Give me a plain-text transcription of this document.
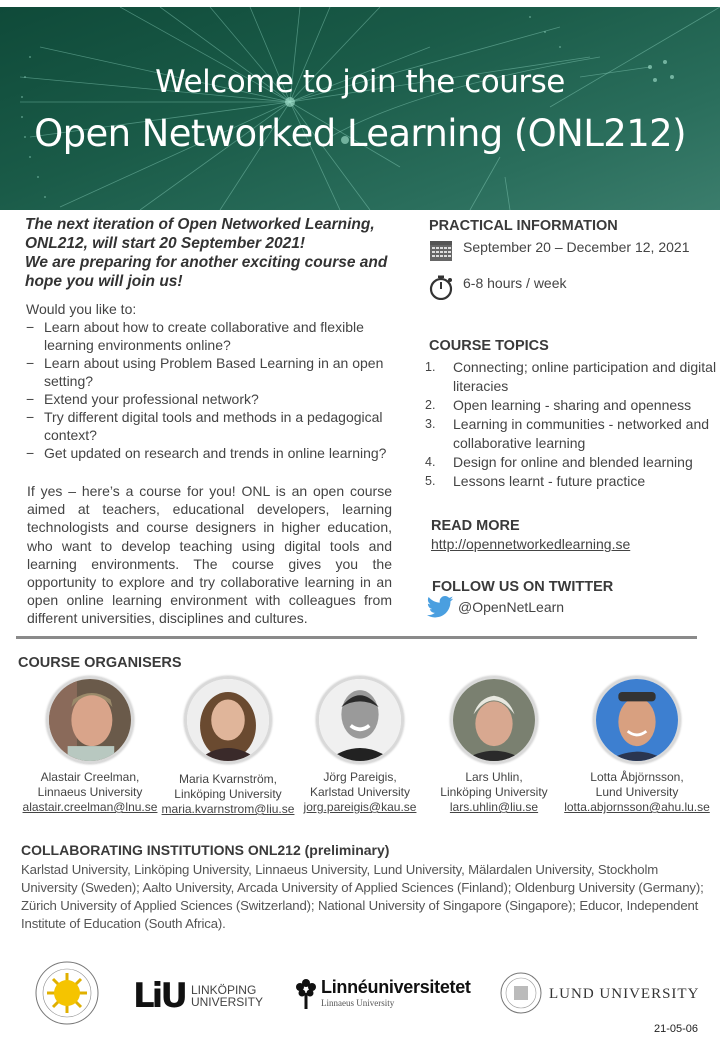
Welcome to join the course
Open Networked Learning (ONL212)
The next iteration of Open Networked Learning, ONL212, will start 20 September 2021!
We are preparing for another exciting course and hope you will join us!
Would you like to:
− Learn about how to create collaborative and flexible learning environments online?
− Learn about using Problem Based Learning in an open setting?
− Extend your professional network?
− Try different digital tools and methods in a pedagogical context?
− Get updated on research and trends in online learning?
If yes – here’s a course for you! ONL is an open course aimed at teachers, educational developers, learning technologists and course designers in higher education, who want to develop teaching using digital tools and learning environments. The course gives you the opportunity to explore and try collaborative learning in an open online learning environment with colleagues from different universities, disciplines and cultures.
PRACTICAL INFORMATION
September 20 – December 12, 2021
6-8 hours / week
COURSE TOPICS
1.	Connecting; online participation and digital literacies
2.	Open learning - sharing and openness
3.	Learning in communities - networked and collaborative learning
4.	Design for online and blended learning
5.	Lessons learnt - future practice
READ MORE
http://opennetworkedlearning.se
FOLLOW US ON TWITTER
@OpenNetLearn
COURSE ORGANISERS
Alastair Creelman,
Linnaeus University
alastair.creelman@lnu.se
Maria Kvarnström,
Linköping University
maria.kvarnstrom@liu.se
Jörg Pareigis,
Karlstad University
jorg.pareigis@kau.se
Lars Uhlin,
Linköping University
lars.uhlin@liu.se
Lotta Åbjörnsson,
Lund University
lotta.abjornsson@ahu.lu.se
COLLABORATING INSTITUTIONS ONL212 (preliminary)

Karlstad University, Linköping University, Linnaeus University, Lund University, Mälardalen University, Stockholm University (Sweden); Aalto University, Arcada University of Applied Sciences (Finland); Oldenburg University (Germany); Zürich University of Applied Sciences (Switzerland); National University of Singapore (Singapore); Educor, Independent Institute of Education (South Africa).

LiU LINKÖPING
UNIVERSITY
Linnéuniversitetet
Linnaeus University
LUND UNIVERSITY
21-05-06
